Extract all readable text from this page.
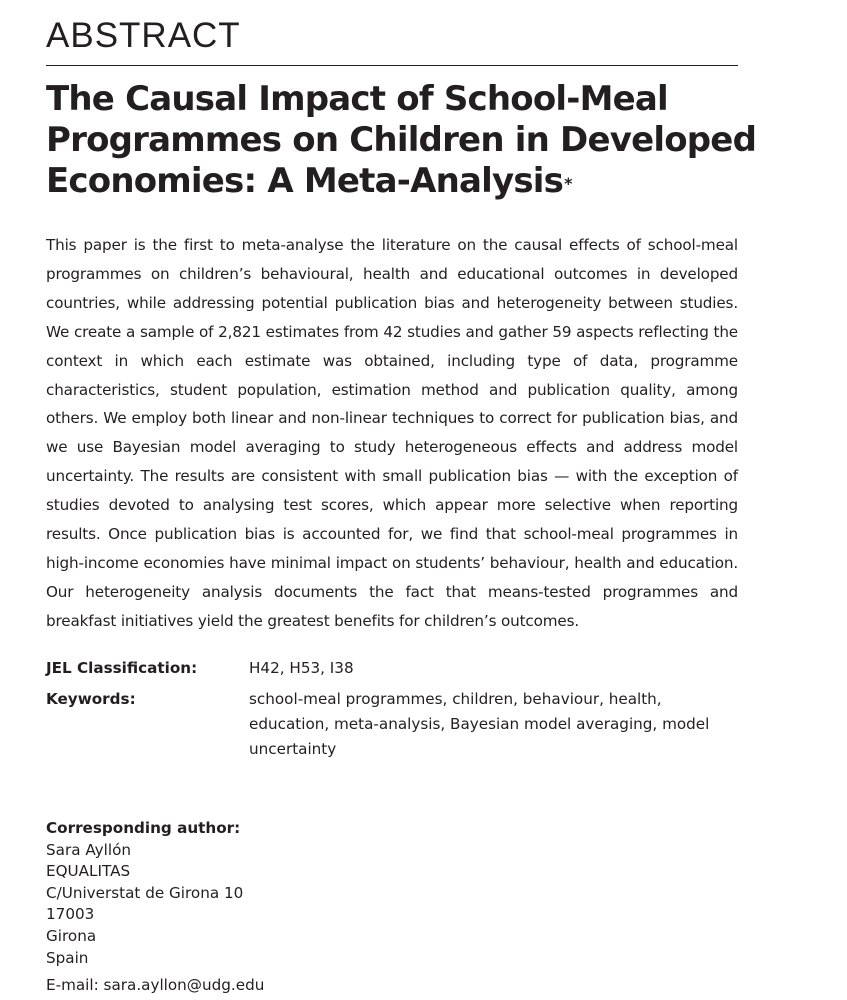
ABSTRACT
The Causal Impact of School-Meal Programmes on Children in Developed Economies: A Meta-Analysis*

This paper is the first to meta-analyse the literature on the causal effects of school-meal programmes on children’s behavioural, health and educational outcomes in developed countries, while addressing potential publication bias and heterogeneity between studies. We create a sample of 2,821 estimates from 42 studies and gather 59 aspects reflecting the context in which each estimate was obtained, including type of data, programme characteristics, student population, estimation method and publication quality, among others. We employ both linear and non-linear techniques to correct for publication bias, and we use Bayesian model averaging to study heterogeneous effects and address model uncertainty. The results are consistent with small publication bias — with the exception of studies devoted to analysing test scores, which appear more selective when reporting results. Once publication bias is accounted for, we find that school-meal programmes in high-income economies have minimal impact on students’ behaviour, health and education. Our heterogeneity analysis documents the fact that means-tested programmes and breakfast initiatives yield the greatest benefits for children’s outcomes.

JEL Classification:	H42, H53, I38
Keywords:	school-meal programmes, children, behaviour, health, education, meta-analysis, Bayesian model averaging, model uncertainty
Corresponding author:
Sara Ayllón
EQUALITAS
C/Universtat de Girona 10
17003
Girona
Spain
E-mail: sara.ayllon@udg.edu
